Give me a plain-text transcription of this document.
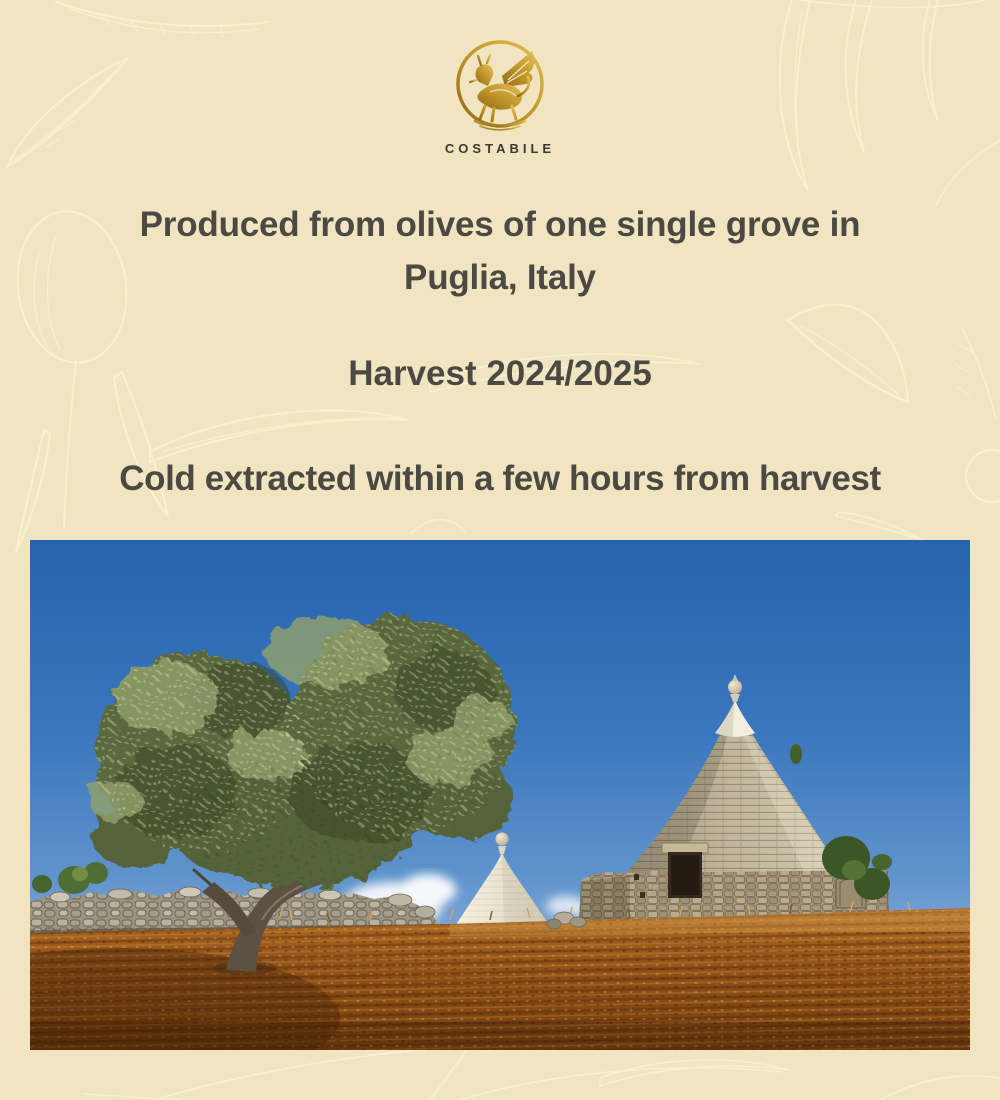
COSTABILE
Produced from olives of one single grove in
Puglia, Italy
Harvest 2024/2025
Cold extracted within a few hours from harvest
